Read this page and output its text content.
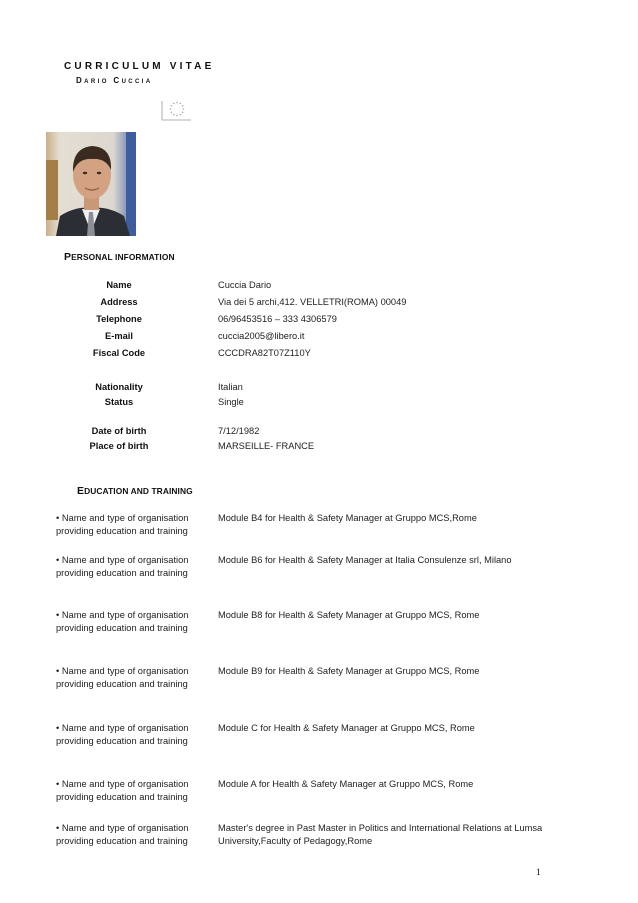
CURRICULUM VITAE
Dario Cuccia
PERSONAL INFORMATION
Name	Cuccia Dario
Address	Via dei 5 archi,412. VELLETRI(ROMA) 00049
Telephone	06/96453516 – 333 4306579
E-mail	cuccia2005@libero.it
Fiscal Code	CCCDRA82T07Z110Y
Nationality	Italian
Status	Single
Date of birth	7/12/1982
Place of birth	MARSEILLE- FRANCE
EDUCATION AND TRAINING
• Name and type of organisation providing education and training
Module B4 for Health & Safety Manager at Gruppo MCS,Rome
• Name and type of organisation providing education and training
Module B6 for Health & Safety Manager at Italia Consulenze srl, Milano
• Name and type of organisation providing education and training
Module B8 for Health & Safety Manager at Gruppo MCS, Rome
• Name and type of organisation providing education and training
Module B9 for Health & Safety Manager at Gruppo MCS, Rome
• Name and type of organisation providing education and training
Module C for Health & Safety Manager at Gruppo MCS, Rome
• Name and type of organisation providing education and training
Module A for Health & Safety Manager at Gruppo MCS, Rome
• Name and type of organisation providing education and training
Master's degree in Past Master in Politics and International Relations at Lumsa University,Faculty of Pedagogy,Rome
1
